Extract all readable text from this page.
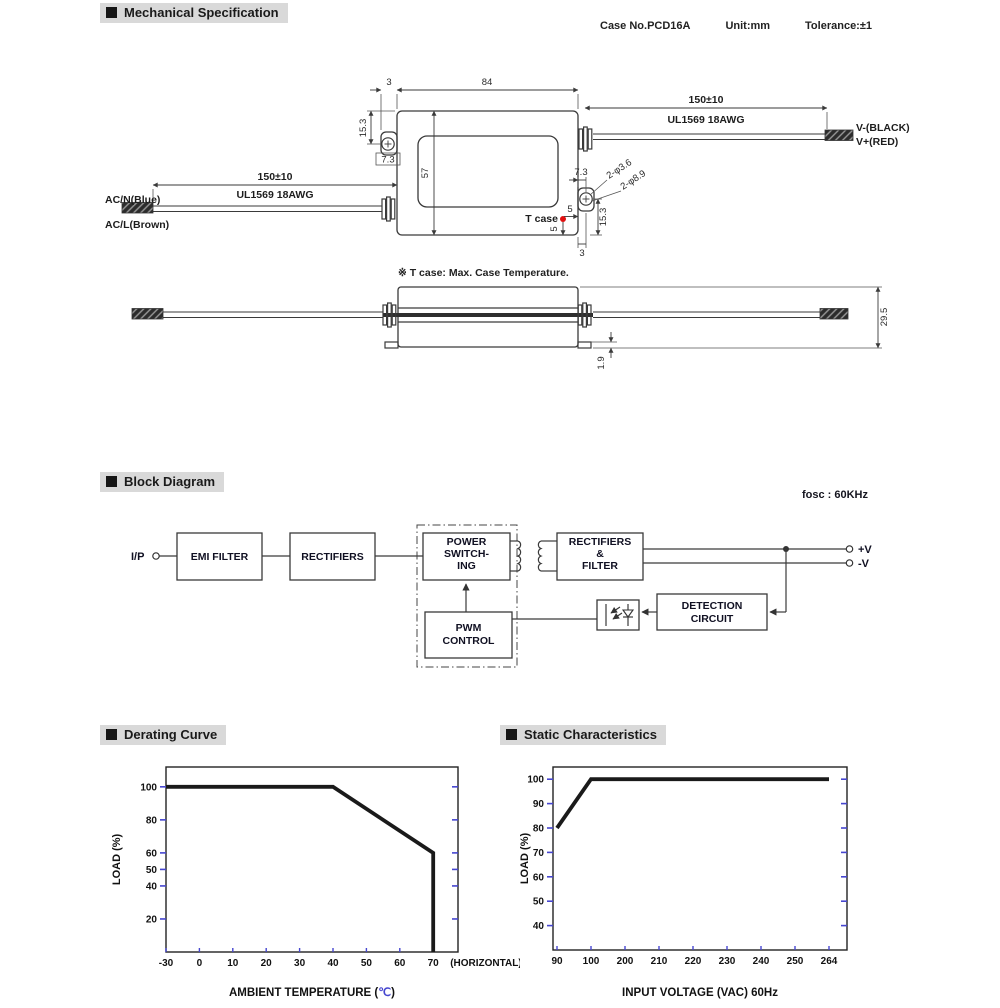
Mechanical Specification
Case No.PCD16A	Unit:mm	Tolerance:±1
150±10
UL1569 18AWG
AC/N(Blue)
AC/L(Brown)
150±10
UL1569 18AWG
V-(BLACK)
V+(RED)
3	84
15.3
7.3
57	7.3 2-φ3.6
2-φ8.9
15.3
3
T case
5
5
※ T case: Max. Case Temperature.
29.5
1.9
Block Diagram
fosc : 60KHz
I/P	EMI FILTER	RECTIFIERS
POWER
SWITCH-
ING
RECTIFIERS
&
FILTER
+V
-V
DETECTION
CIRCUIT
PWM
CONTROL
Derating Curve	Static Characteristics
20
40
50
60
80
100
-30 0	10 20 30 40 50 60 70 (HORIZONTAL)
LOAD (%)
AMBIENT TEMPERATURE (℃)
40
50
60
70
80
90
100
90 100 200 210 220 230 240 250 264
LOAD (%)
INPUT VOLTAGE (VAC) 60Hz
